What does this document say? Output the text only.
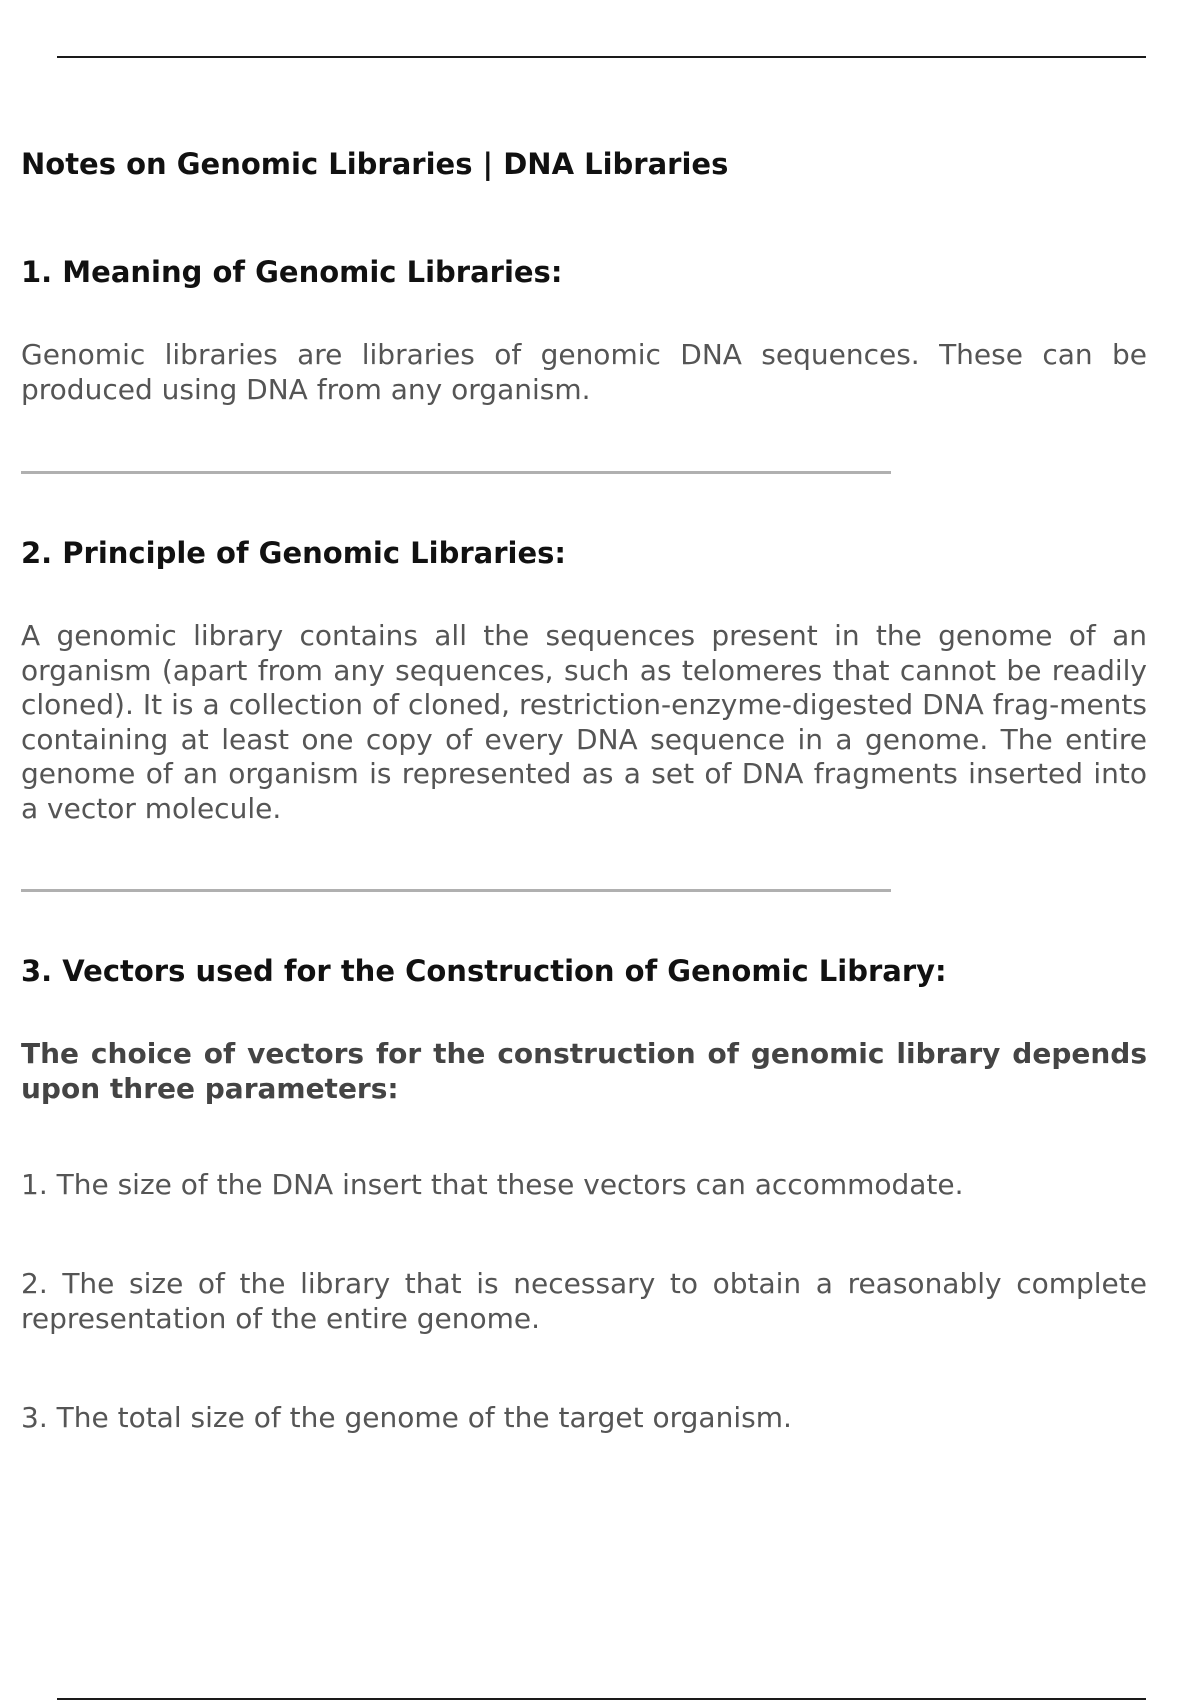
Notes on Genomic Libraries | DNA Libraries
1. Meaning of Genomic Libraries:

Genomic libraries are libraries of genomic DNA sequences. These can be produced using DNA from any organism.

2. Principle of Genomic Libraries:

A genomic library contains all the sequences present in the genome of an organism (apart from any sequences, such as telomeres that cannot be readily cloned). It is a collection of cloned, restriction-enzyme-digested DNA frag-ments containing at least one copy of every DNA sequence in a genome. The entire genome of an organism is represented as a set of DNA fragments inserted into a vector molecule.

3. Vectors used for the Construction of Genomic Library:

The choice of vectors for the construction of genomic library depends upon three parameters:

1. The size of the DNA insert that these vectors can accommodate.

2. The size of the library that is necessary to obtain a reasonably complete representation of the entire genome.

3. The total size of the genome of the target organism.
